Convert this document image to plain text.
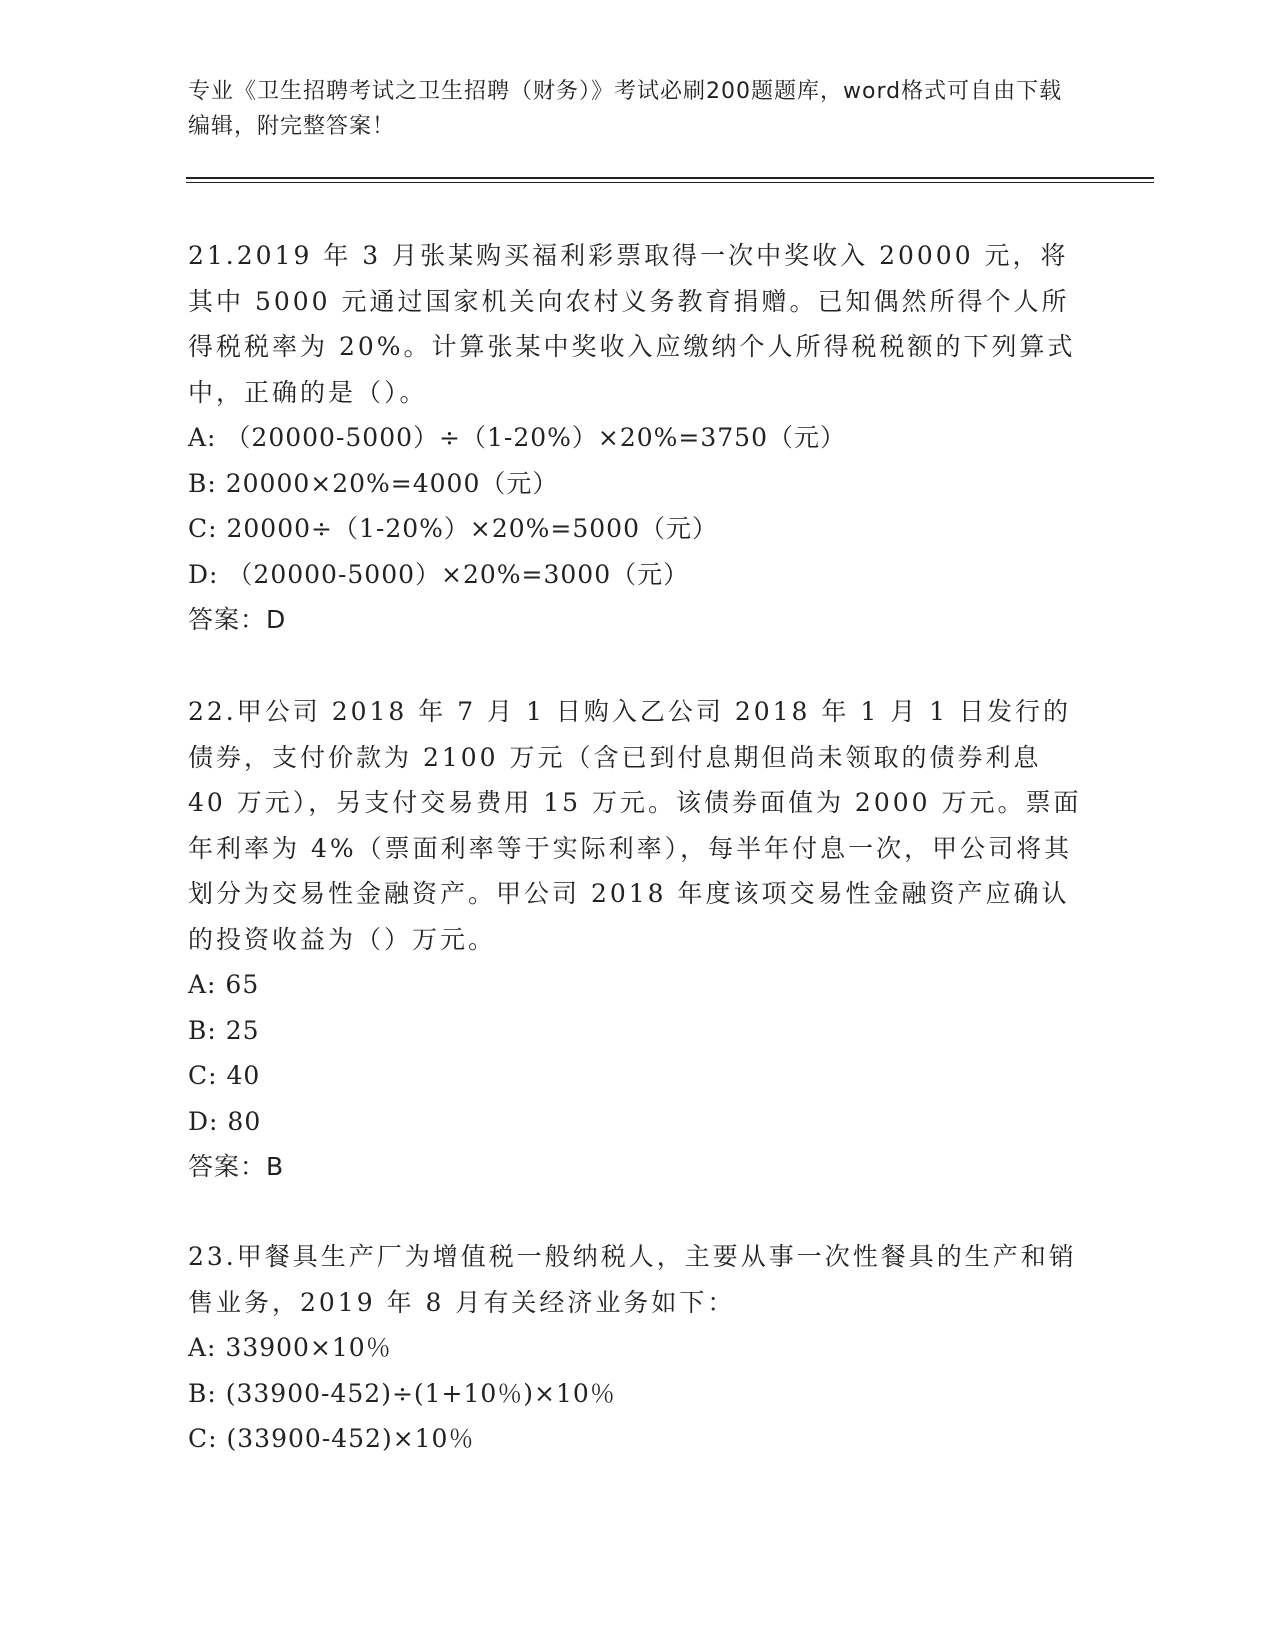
专业《卫生招聘考试之卫生招聘（财务）》考试必刷200题题库，word格式可自由下载编辑，附完整答案！
21.2019 年 3 月张某购买福利彩票取得一次中奖收入 20000 元，将其中 5000 元通过国家机关向农村义务教育捐赠。已知偶然所得个人所得税税率为 20%。计算张某中奖收入应缴纳个人所得税税额的下列算式中，正确的是（）。
A: （20000-5000）÷（1-20%）×20%=3750（元）
B: 20000×20%=4000（元）
C: 20000÷（1-20%）×20%=5000（元）
D: （20000-5000）×20%=3000（元）
答案：D
22.甲公司 2018 年 7 月 1 日购入乙公司 2018 年 1 月 1 日发行的债券，支付价款为 2100 万元（含已到付息期但尚未领取的债券利息 40 万元），另支付交易费用 15 万元。该债券面值为 2000 万元。票面年利率为 4%（票面利率等于实际利率），每半年付息一次，甲公司将其划分为交易性金融资产。甲公司 2018 年度该项交易性金融资产应确认的投资收益为（）万元。
A: 65
B: 25
C: 40
D: 80
答案：B
23.甲餐具生产厂为增值税一般纳税人，主要从事一次性餐具的生产和销售业务，2019 年 8 月有关经济业务如下：
A: 33900×10％
B: (33900-452)÷(1+10％)×10％
C: (33900-452)×10％
